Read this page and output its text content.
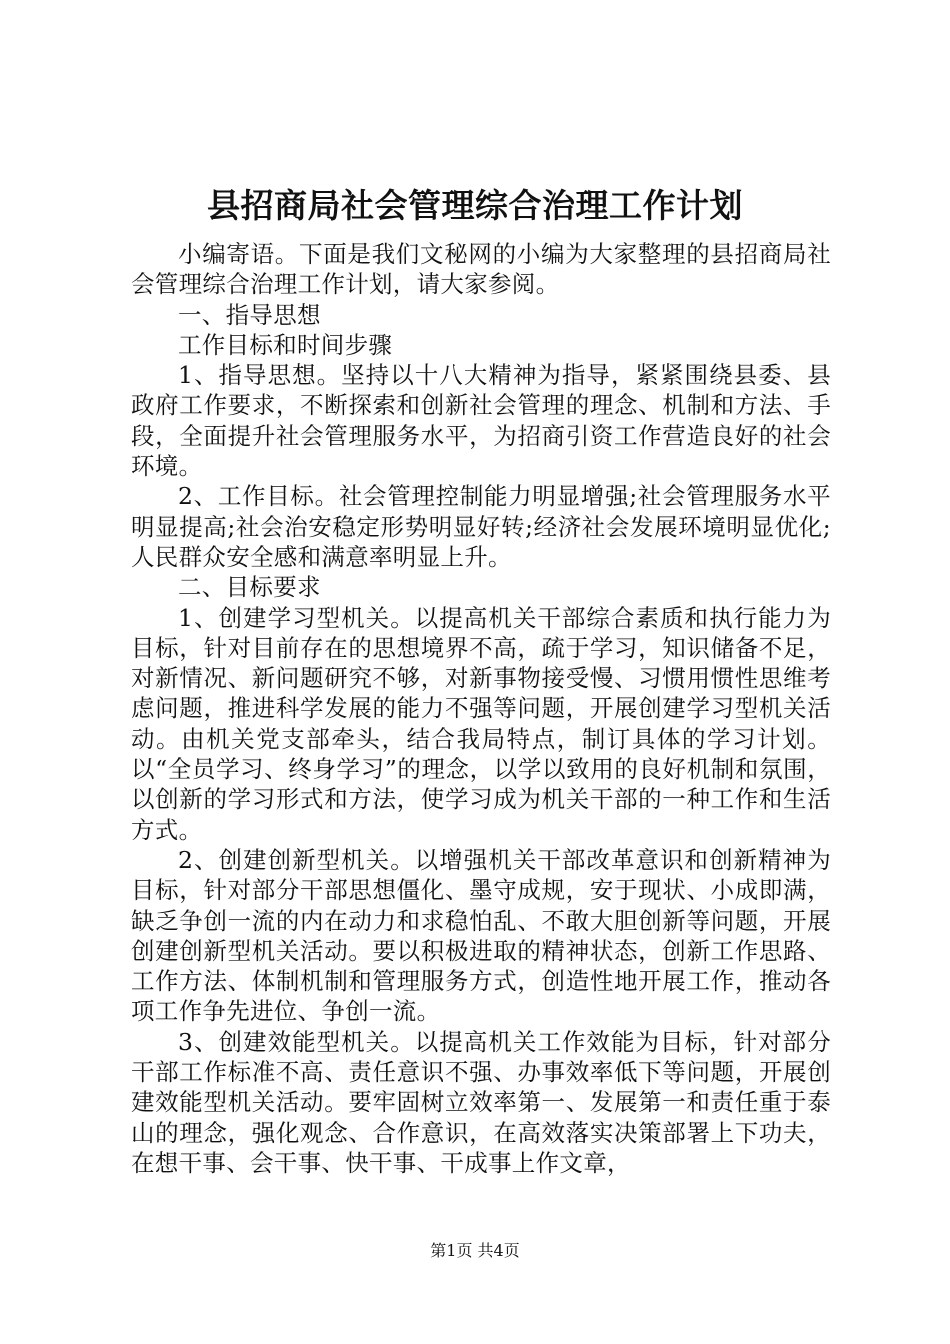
县招商局社会管理综合治理工作计划

小编寄语。下面是我们文秘网的小编为大家整理的县招商局社会管理综合治理工作计划，请大家参阅。

一、指导思想

工作目标和时间步骤

1、指导思想。坚持以十八大精神为指导，紧紧围绕县委、县政府工作要求，不断探索和创新社会管理的理念、机制和方法、手段，全面提升社会管理服务水平，为招商引资工作营造良好的社会环境。

2、工作目标。社会管理控制能力明显增强;社会管理服务水平明显提高;社会治安稳定形势明显好转;经济社会发展环境明显优化;人民群众安全感和满意率明显上升。

二、目标要求

1、创建学习型机关。以提高机关干部综合素质和执行能力为目标，针对目前存在的思想境界不高，疏于学习，知识储备不足，对新情况、新问题研究不够，对新事物接受慢、习惯用惯性思维考虑问题，推进科学发展的能力不强等问题，开展创建学习型机关活动。由机关党支部牵头，结合我局特点，制订具体的学习计划。以“全员学习、终身学习”的理念，以学以致用的良好机制和氛围，以创新的学习形式和方法，使学习成为机关干部的一种工作和生活方式。

2、创建创新型机关。以增强机关干部改革意识和创新精神为目标，针对部分干部思想僵化、墨守成规，安于现状、小成即满，缺乏争创一流的内在动力和求稳怕乱、不敢大胆创新等问题，开展创建创新型机关活动。要以积极进取的精神状态，创新工作思路、工作方法、体制机制和管理服务方式，创造性地开展工作，推动各项工作争先进位、争创一流。

3、创建效能型机关。以提高机关工作效能为目标，针对部分干部工作标准不高、责任意识不强、办事效率低下等问题，开展创建效能型机关活动。要牢固树立效率第一、发展第一和责任重于泰山的理念，强化观念、合作意识，在高效落实决策部署上下功夫，在想干事、会干事、快干事、干成事上作文章，

第1页 共4页
